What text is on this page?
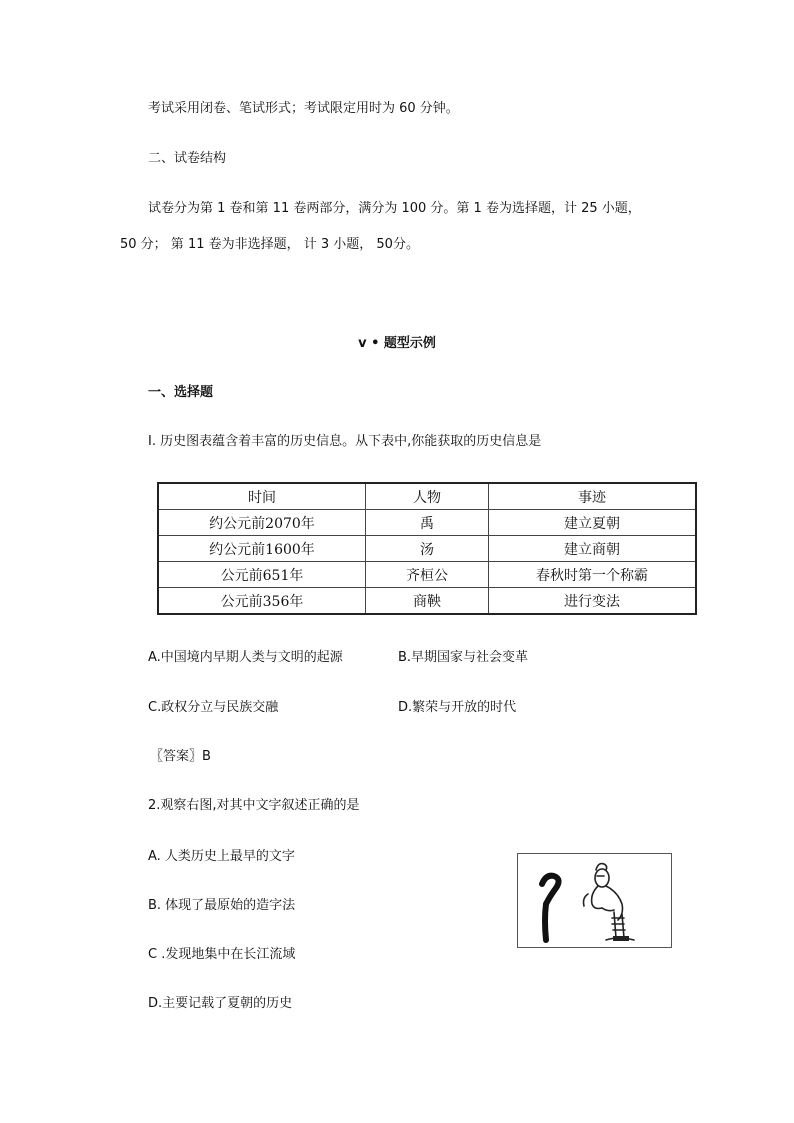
考试采用闭卷、笔试形式；考试限定用时为 60 分钟。
二、试卷结构
试卷分为第 1 卷和第 11 卷两部分，满分为 100 分。第 1 卷为选择题，计 25 小题，
50 分； 第 11 卷为非选择题， 计 3 小题， 50分。
v • 题型示例
一、选择题
I. 历史图表蕴含着丰富的历史信息。从下表中,你能获取的历史信息是
时间	人物	事迹
约公元前2070年	禹	建立夏朝
约公元前1600年	汤	建立商朝
公元前651年	齐桓公	春秋时第一个称霸
公元前356年	商鞅	进行变法
A.中国境内早期人类与文明的起源	B.早期国家与社会变革
C.政权分立与民族交融	D.繁荣与开放的时代
〖答案〗B
2.观察右图,对其中文字叙述正确的是
A. 人类历史上最早的文字
B. 体现了最原始的造字法
C .发现地集中在长江流域
D.主要记载了夏朝的历史
